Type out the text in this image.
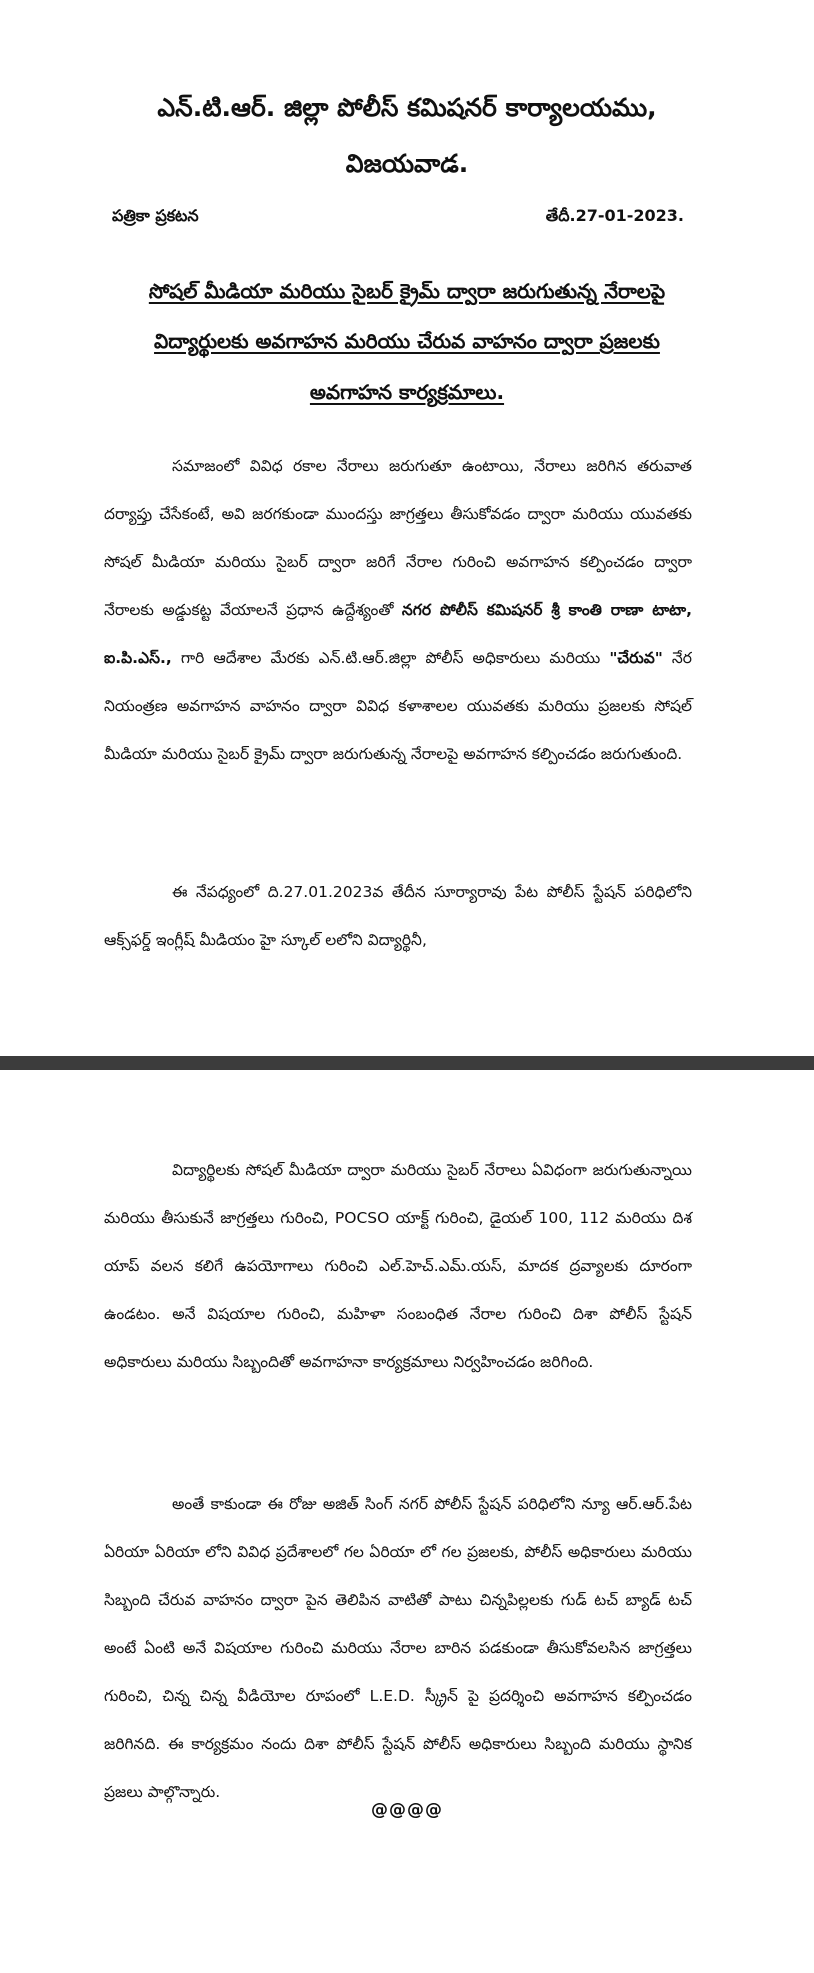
ఎన్.టి.ఆర్. జిల్లా పోలీస్ కమిషనర్ కార్యాలయము,
విజయవాడ.
పత్రికా ప్రకటన	తేదీ.27-01-2023.
సోషల్ మీడియా మరియు సైబర్ క్రైమ్ ద్వారా జరుగుతున్న నేరాలపై
విద్యార్థులకు అవగాహన మరియు చేరువ వాహనం ద్వారా ప్రజలకు
అవగాహన కార్యక్రమాలు.

సమాజంలో వివిధ రకాల నేరాలు జరుగుతూ ఉంటాయి, నేరాలు జరిగిన తరువాత దర్యాప్తు చేసేకంటే, అవి జరగకుండా ముందస్తు జాగ్రత్తలు తీసుకోవడం ద్వారా మరియు యువతకు సోషల్ మీడియా మరియు సైబర్ ద్వారా జరిగే నేరాల గురించి అవగాహన కల్పించడం ద్వారా నేరాలకు అడ్డుకట్ట వేయాలనే ప్రధాన ఉద్దేశ్యంతో నగర పోలీస్ కమిషనర్ శ్రీ కాంతి రాణా టాటా, ఐ.పి.ఎస్., గారి ఆదేశాల మేరకు ఎన్.టి.ఆర్.జిల్లా పోలీస్ అధికారులు మరియు "చేరువ" నేర నియంత్రణ అవగాహన వాహనం ద్వారా వివిధ కళాశాలల యువతకు మరియు ప్రజలకు సోషల్ మీడియా మరియు సైబర్ క్రైమ్ ద్వారా జరుగుతున్న నేరాలపై అవగాహన కల్పించడం జరుగుతుంది.

ఈ నేపధ్యంలో ది.27.01.2023వ తేదీన సూర్యారావు పేట పోలీస్ స్టేషన్ పరిధిలోని ఆక్స్‌ఫర్డ్ ఇంగ్లీష్ మీడియం హై స్కూల్ లలోని విద్యార్థినీ,

విద్యార్థిలకు సోషల్ మీడియా ద్వారా మరియు సైబర్ నేరాలు ఏవిధంగా జరుగుతున్నాయి మరియు తీసుకునే జాగ్రత్తలు గురించి, POCSO యాక్ట్ గురించి, డైయల్ 100, 112 మరియు దిశ యాప్ వలన కలిగే ఉపయోగాలు గురించి ఎల్.హెచ్.ఎమ్.యస్, మాదక ద్రవ్యాలకు దూరంగా ఉండటం. అనే విషయాల గురించి, మహిళా సంబంధిత నేరాల గురించి దిశా పోలీస్ స్టేషన్ అధికారులు మరియు సిబ్బందితో అవగాహనా కార్యక్రమాలు నిర్వహించడం జరిగింది.

అంతే కాకుండా ఈ రోజు అజిత్ సింగ్ నగర్ పోలీస్ స్టేషన్ పరిధిలోని న్యూ ఆర్.ఆర్.పేట ఏరియా ఏరియా లోని వివిధ ప్రదేశాలలో గల ఏరియా లో గల ప్రజలకు, పోలీస్ అధికారులు మరియు సిబ్బంది చేరువ వాహనం ద్వారా పైన తెలిపిన వాటితో పాటు చిన్నపిల్లలకు గుడ్ టచ్ బ్యాడ్ టచ్ అంటే ఏంటి అనే విషయాల గురించి మరియు నేరాల బారిన పడకుండా తీసుకోవలసిన జాగ్రత్తలు గురించి, చిన్న చిన్న వీడియోల రూపంలో L.E.D. స్క్రీన్ పై ప్రదర్శించి అవగాహన కల్పించడం జరిగినది. ఈ కార్యక్రమం నందు దిశా పోలీస్ స్టేషన్ పోలీస్ అధికారులు సిబ్బంది మరియు స్థానిక ప్రజలు పాల్గొన్నారు.

@@@@
